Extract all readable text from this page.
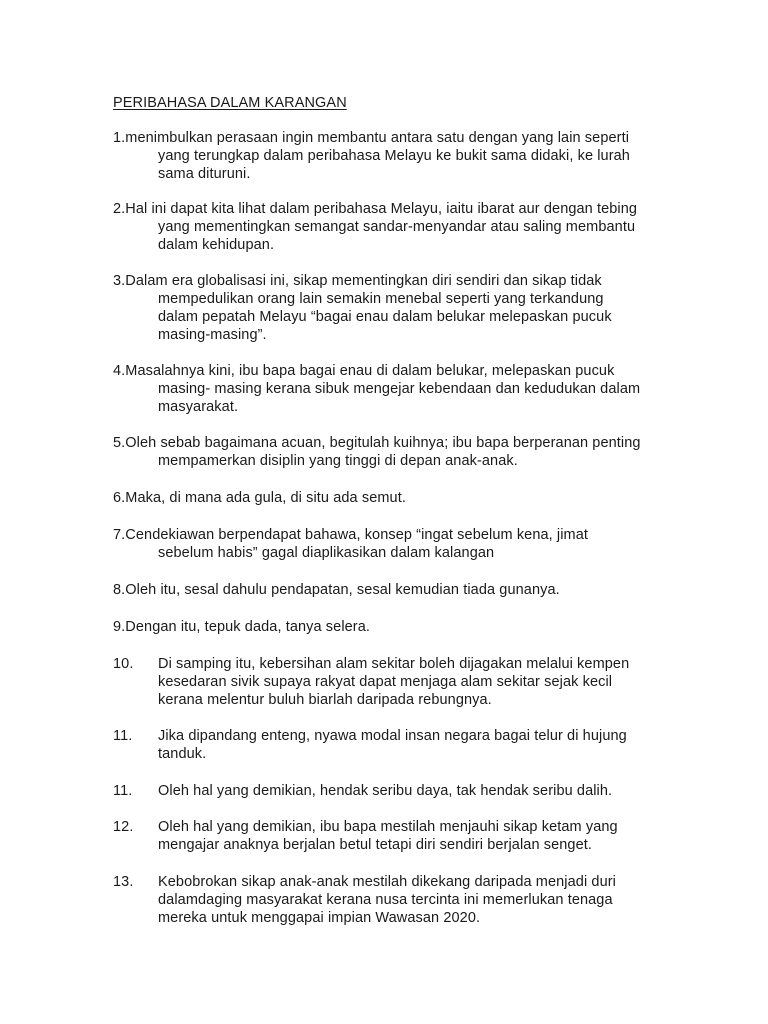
PERIBAHASA DALAM KARANGAN
1.menimbulkan perasaan ingin membantu antara satu dengan yang lain seperti
yang terungkap dalam peribahasa Melayu ke bukit sama didaki, ke lurah
sama dituruni.
2.Hal ini dapat kita lihat dalam peribahasa Melayu, iaitu ibarat aur dengan tebing
yang mementingkan semangat sandar-menyandar atau saling membantu
dalam kehidupan.
3.Dalam era globalisasi ini, sikap mementingkan diri sendiri dan sikap tidak
mempedulikan orang lain semakin menebal seperti yang terkandung
dalam pepatah Melayu “bagai enau dalam belukar melepaskan pucuk
masing-masing”.
4.Masalahnya kini, ibu bapa bagai enau di dalam belukar, melepaskan pucuk
masing- masing kerana sibuk mengejar kebendaan dan kedudukan dalam
masyarakat.
5.Oleh sebab bagaimana acuan, begitulah kuihnya; ibu bapa berperanan penting
mempamerkan disiplin yang tinggi di depan anak-anak.
6.Maka, di mana ada gula, di situ ada semut.
7.Cendekiawan berpendapat bahawa, konsep “ingat sebelum kena, jimat
sebelum habis” gagal diaplikasikan dalam kalangan
8.Oleh itu, sesal dahulu pendapatan, sesal kemudian tiada gunanya.
9.Dengan itu, tepuk dada, tanya selera.
10. Di samping itu, kebersihan alam sekitar boleh dijagakan melalui kempen
kesedaran sivik supaya rakyat dapat menjaga alam sekitar sejak kecil
kerana melentur buluh biarlah daripada rebungnya.
11. Jika dipandang enteng, nyawa modal insan negara bagai telur di hujung
tanduk.
11. Oleh hal yang demikian, hendak seribu daya, tak hendak seribu dalih.
12. Oleh hal yang demikian, ibu bapa mestilah menjauhi sikap ketam yang
mengajar anaknya berjalan betul tetapi diri sendiri berjalan senget.
13. Kebobrokan sikap anak-anak mestilah dikekang daripada menjadi duri
dalamdaging masyarakat kerana nusa tercinta ini memerlukan tenaga
mereka untuk menggapai impian Wawasan 2020.
